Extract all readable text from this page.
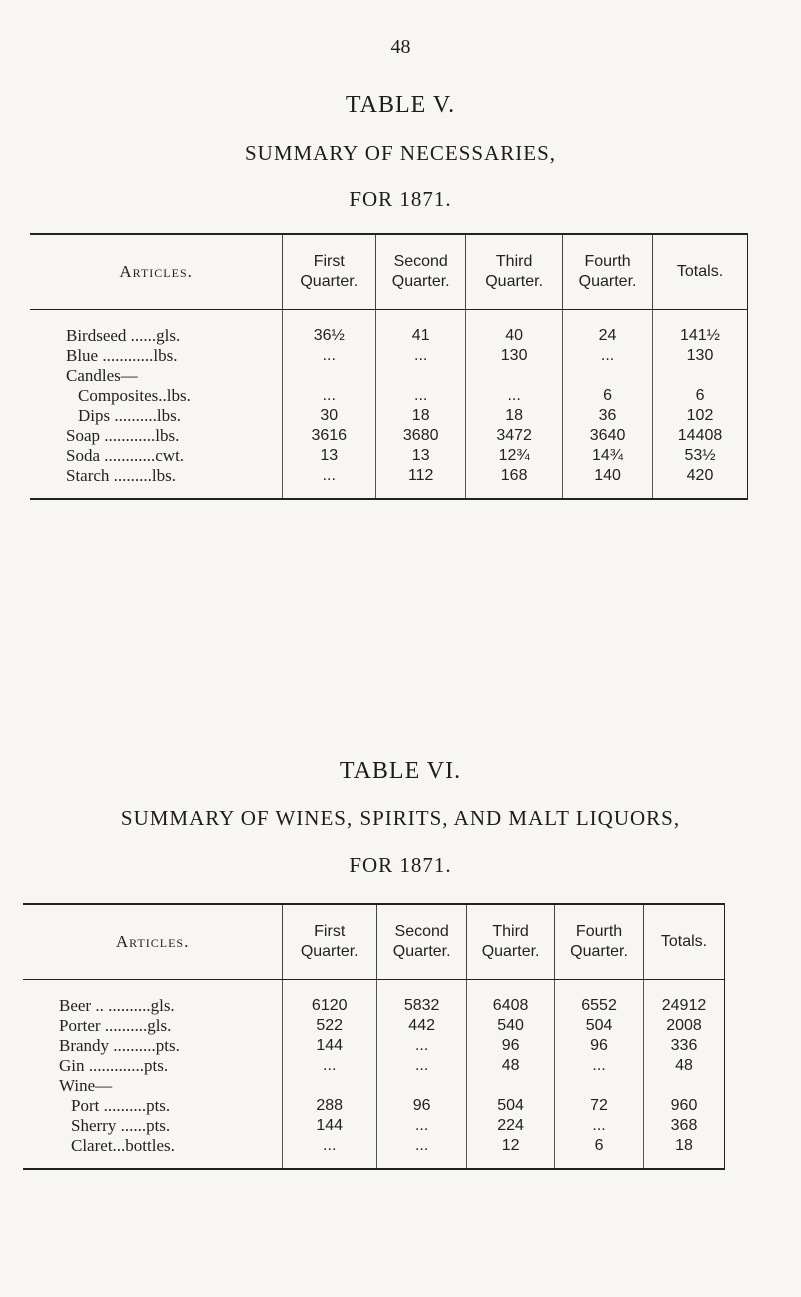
48
TABLE V.
SUMMARY OF NECESSARIES,
FOR 1871.
Articles.	First Quarter.	Second Quarter.	Third Quarter.	Fourth Quarter.	Totals.
Birdseed ......gls.	36½	41	40	24	141½
Blue ............lbs.	...	...	130	...	130
Candles—					
Composites..lbs.	...	...	...	6	6
Dips ..........lbs.	30	18	18	36	102
Soap ............lbs.	3616	3680	3472	3640	14408
Soda ............cwt.	13	13	12¾	14¾	53½
Starch .........lbs.	...	112	168	140	420
TABLE VI.
SUMMARY OF WINES, SPIRITS, AND MALT LIQUORS,
FOR 1871.
Articles.	First Quarter.	Second Quarter.	Third Quarter.	Fourth Quarter.	Totals.
Beer .. ..........gls.	6120	5832	6408	6552	24912
Porter ..........gls.	522	442	540	504	2008
Brandy ..........pts.	144	...	96	96	336
Gin .............pts.	...	...	48	...	48
Wine—					
Port ..........pts.	288	96	504	72	960
Sherry ......pts.	144	...	224	...	368
Claret...bottles.	...	...	12	6	18
